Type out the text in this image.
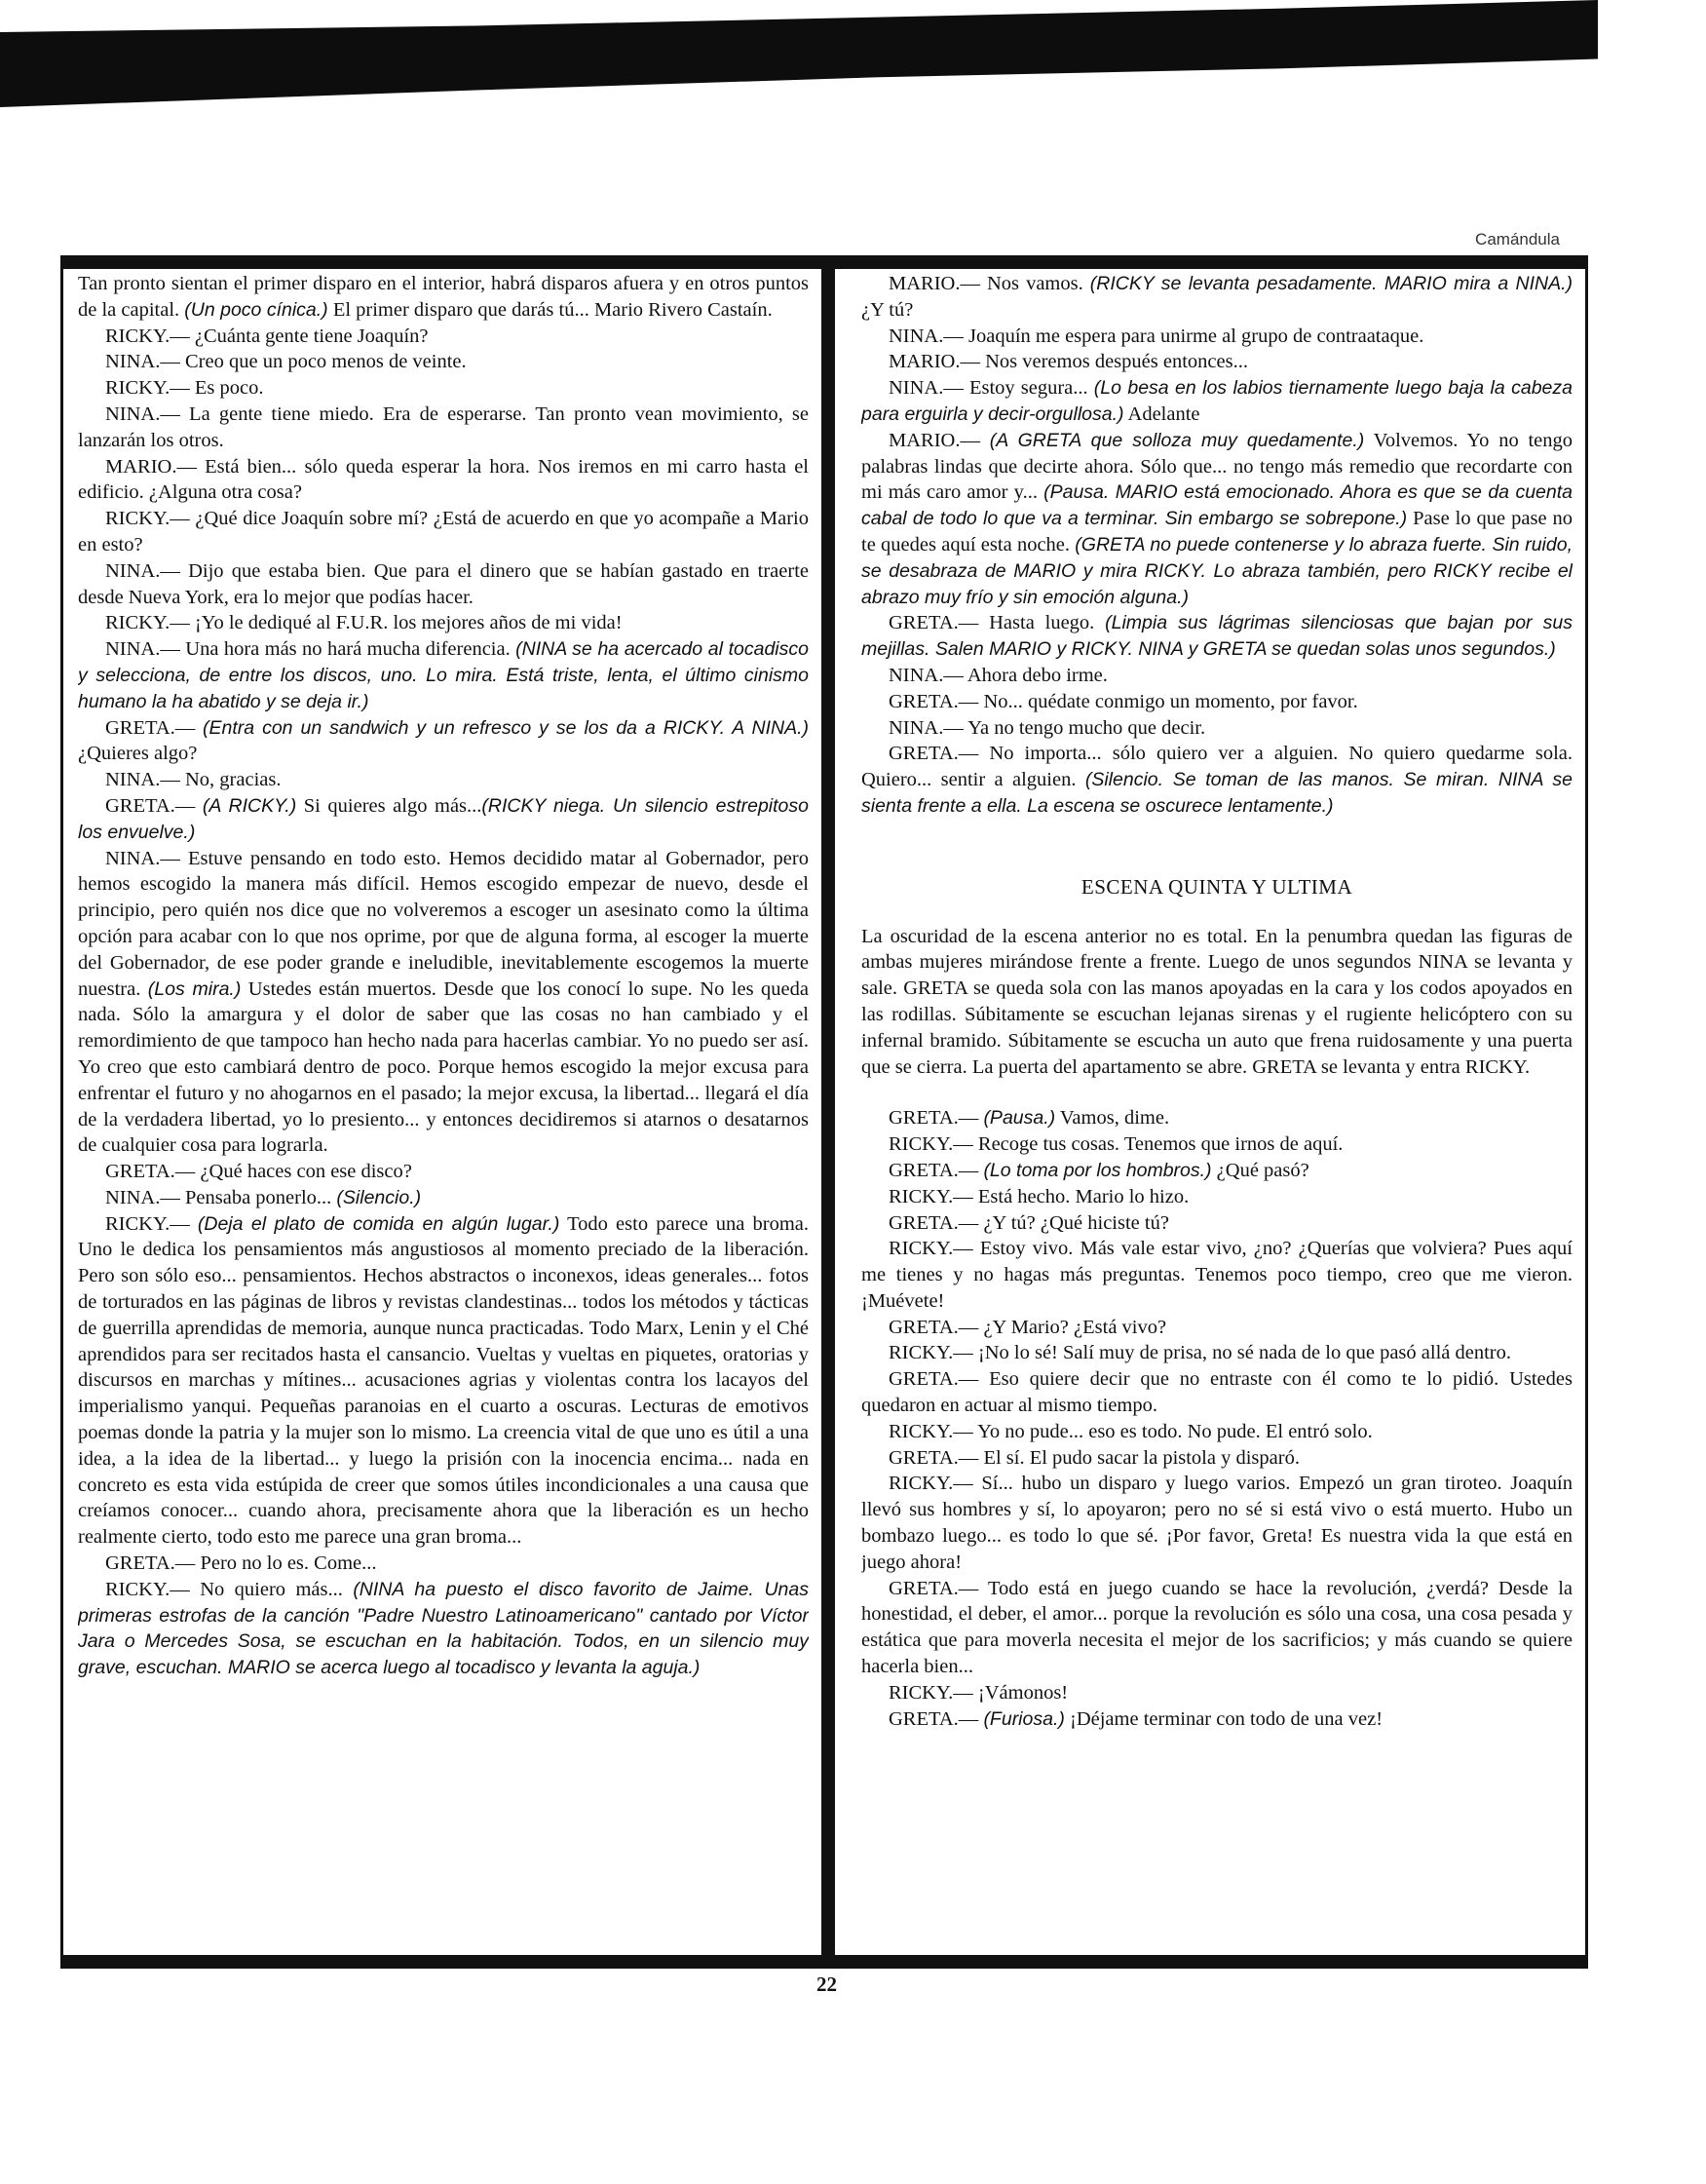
Camándula

Tan pronto sientan el primer disparo en el interior, habrá disparos afuera y en otros puntos de la capital. (Un poco cínica.) El primer disparo que darás tú... Mario Rivero Castaín.

RICKY.— ¿Cuánta gente tiene Joaquín?

NINA.— Creo que un poco menos de veinte.

RICKY.— Es poco.

NINA.— La gente tiene miedo. Era de esperarse. Tan pronto vean movimiento, se lanzarán los otros.

MARIO.— Está bien... sólo queda esperar la hora. Nos iremos en mi carro hasta el edificio. ¿Alguna otra cosa?

RICKY.— ¿Qué dice Joaquín sobre mí? ¿Está de acuerdo en que yo acompañe a Mario en esto?

NINA.— Dijo que estaba bien. Que para el dinero que se habían gastado en traerte desde Nueva York, era lo mejor que podías hacer.

RICKY.— ¡Yo le dediqué al F.U.R. los mejores años de mi vida!

NINA.— Una hora más no hará mucha diferencia. (NINA se ha acercado al tocadisco y selecciona, de entre los discos, uno. Lo mira. Está triste, lenta, el último cinismo humano la ha abatido y se deja ir.)

GRETA.— (Entra con un sandwich y un refresco y se los da a RICKY. A NINA.) ¿Quieres algo?

NINA.— No, gracias.

GRETA.— (A RICKY.) Si quieres algo más...(RICKY niega. Un silencio estrepitoso los envuelve.)

NINA.— Estuve pensando en todo esto. Hemos decidido matar al Gobernador, pero hemos escogido la manera más difícil. Hemos escogido empezar de nuevo, desde el principio, pero quién nos dice que no volveremos a escoger un asesinato como la última opción para acabar con lo que nos oprime, por que de alguna forma, al escoger la muerte del Gobernador, de ese poder grande e ineludible, inevitablemente escogemos la muerte nuestra. (Los mira.) Ustedes están muertos. Desde que los conocí lo supe. No les queda nada. Sólo la amargura y el dolor de saber que las cosas no han cambiado y el remordimiento de que tampoco han hecho nada para hacerlas cambiar. Yo no puedo ser así. Yo creo que esto cambiará dentro de poco. Porque hemos escogido la mejor excusa para enfrentar el futuro y no ahogarnos en el pasado; la mejor excusa, la libertad... llegará el día de la verdadera libertad, yo lo presiento... y entonces decidiremos si atarnos o desatarnos de cualquier cosa para lograrla.

GRETA.— ¿Qué haces con ese disco?

NINA.— Pensaba ponerlo... (Silencio.)

RICKY.— (Deja el plato de comida en algún lugar.) Todo esto parece una broma. Uno le dedica los pensamientos más angustiosos al momento preciado de la liberación. Pero son sólo eso... pensamientos. Hechos abstractos o inconexos, ideas generales... fotos de torturados en las páginas de libros y revistas clandestinas... todos los métodos y tácticas de guerrilla aprendidas de memoria, aunque nunca practicadas. Todo Marx, Lenin y el Ché aprendidos para ser recitados hasta el cansancio. Vueltas y vueltas en piquetes, oratorias y discursos en marchas y mítines... acusaciones agrias y violentas contra los lacayos del imperialismo yanqui. Pequeñas paranoias en el cuarto a oscuras. Lecturas de emotivos poemas donde la patria y la mujer son lo mismo. La creencia vital de que uno es útil a una idea, a la idea de la libertad... y luego la prisión con la inocencia encima... nada en concreto es esta vida estúpida de creer que somos útiles incondicionales a una causa que creíamos conocer... cuando ahora, precisamente ahora que la liberación es un hecho realmente cierto, todo esto me parece una gran broma...

GRETA.— Pero no lo es. Come...

RICKY.— No quiero más... (NINA ha puesto el disco favorito de Jaime. Unas primeras estrofas de la canción "Padre Nuestro Latinoamericano" cantado por Víctor Jara o Mercedes Sosa, se escuchan en la habitación. Todos, en un silencio muy grave, escuchan. MARIO se acerca luego al tocadisco y levanta la aguja.)

MARIO.— Nos vamos. (RICKY se levanta pesadamente. MARIO mira a NINA.) ¿Y tú?

NINA.— Joaquín me espera para unirme al grupo de contraataque.

MARIO.— Nos veremos después entonces...

NINA.— Estoy segura... (Lo besa en los labios tiernamente luego baja la cabeza para erguirla y decir-orgullosa.) Adelante

MARIO.— (A GRETA que solloza muy quedamente.) Volvemos. Yo no tengo palabras lindas que decirte ahora. Sólo que... no tengo más remedio que recordarte con mi más caro amor y... (Pausa. MARIO está emocionado. Ahora es que se da cuenta cabal de todo lo que va a terminar. Sin embargo se sobrepone.) Pase lo que pase no te quedes aquí esta noche. (GRETA no puede contenerse y lo abraza fuerte. Sin ruido, se desabraza de MARIO y mira RICKY. Lo abraza también, pero RICKY recibe el abrazo muy frío y sin emoción alguna.)

GRETA.— Hasta luego. (Limpia sus lágrimas silenciosas que bajan por sus mejillas. Salen MARIO y RICKY. NINA y GRETA se quedan solas unos segundos.)

NINA.— Ahora debo irme.

GRETA.— No... quédate conmigo un momento, por favor.

NINA.— Ya no tengo mucho que decir.

GRETA.— No importa... sólo quiero ver a alguien. No quiero quedarme sola. Quiero... sentir a alguien. (Silencio. Se toman de las manos. Se miran. NINA se sienta frente a ella. La escena se oscurece lentamente.)

ESCENA QUINTA Y ULTIMA

La oscuridad de la escena anterior no es total. En la penumbra quedan las figuras de ambas mujeres mirándose frente a frente. Luego de unos segundos NINA se levanta y sale. GRETA se queda sola con las manos apoyadas en la cara y los codos apoyados en las rodillas. Súbitamente se escuchan lejanas sirenas y el rugiente helicóptero con su infernal bramido. Súbitamente se escucha un auto que frena ruidosamente y una puerta que se cierra. La puerta del apartamento se abre. GRETA se levanta y entra RICKY.

GRETA.— (Pausa.) Vamos, dime.

RICKY.— Recoge tus cosas. Tenemos que irnos de aquí.

GRETA.— (Lo toma por los hombros.) ¿Qué pasó?

RICKY.— Está hecho. Mario lo hizo.

GRETA.— ¿Y tú? ¿Qué hiciste tú?

RICKY.— Estoy vivo. Más vale estar vivo, ¿no? ¿Querías que volviera? Pues aquí me tienes y no hagas más preguntas. Tenemos poco tiempo, creo que me vieron. ¡Muévete!

GRETA.— ¿Y Mario? ¿Está vivo?

RICKY.— ¡No lo sé! Salí muy de prisa, no sé nada de lo que pasó allá dentro.

GRETA.— Eso quiere decir que no entraste con él como te lo pidió. Ustedes quedaron en actuar al mismo tiempo.

RICKY.— Yo no pude... eso es todo. No pude. El entró solo.

GRETA.— El sí. El pudo sacar la pistola y disparó.

RICKY.— Sí... hubo un disparo y luego varios. Empezó un gran tiroteo. Joaquín llevó sus hombres y sí, lo apoyaron; pero no sé si está vivo o está muerto. Hubo un bombazo luego... es todo lo que sé. ¡Por favor, Greta! Es nuestra vida la que está en juego ahora!

GRETA.— Todo está en juego cuando se hace la revolución, ¿verdá? Desde la honestidad, el deber, el amor... porque la revolución es sólo una cosa, una cosa pesada y estática que para moverla necesita el mejor de los sacrificios; y más cuando se quiere hacerla bien...

RICKY.— ¡Vámonos!

GRETA.— (Furiosa.) ¡Déjame terminar con todo de una vez!

22
